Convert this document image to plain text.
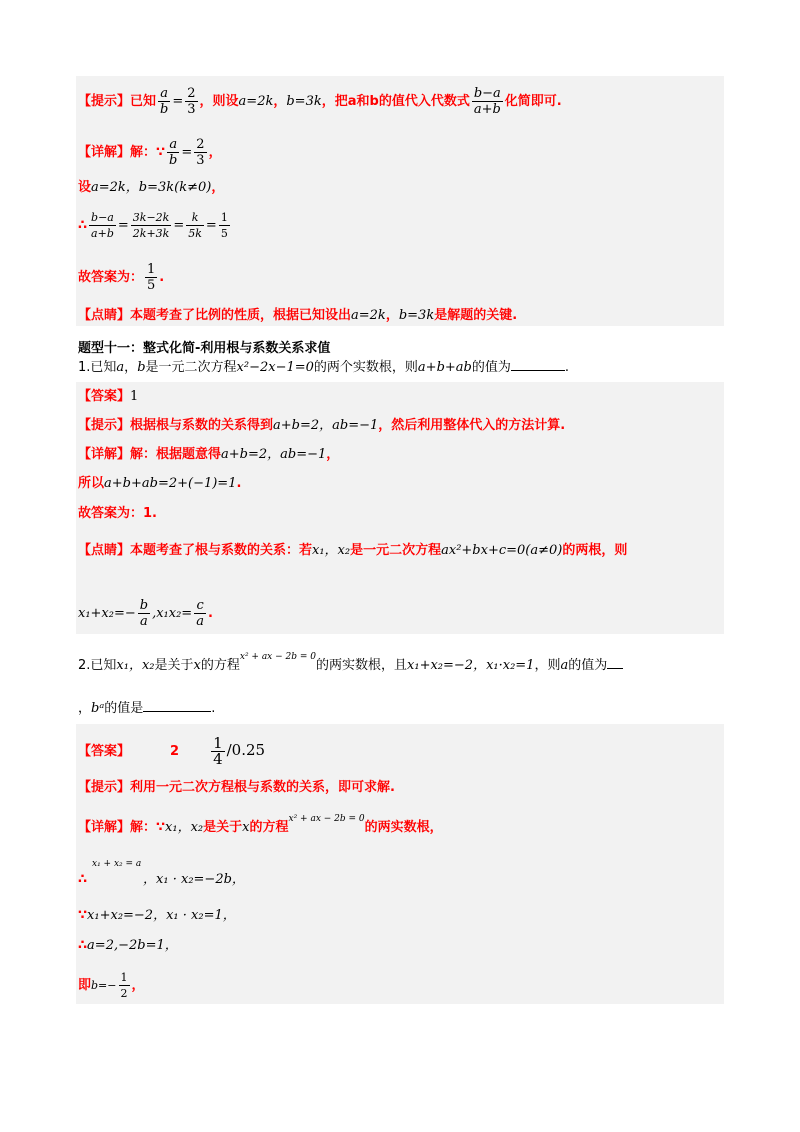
【提示】已知 $\frac{a}{b} = \frac{2}{3}$ ，则设a=2k，b=3k，把a和b的值代入代数式 $\frac{b-a}{a+b}$ 化简即可.
【详解】解：∵ $\frac{a}{b} = \frac{2}{3}$ ，
设a=2k，b=3k(k≠0)，
∴ $\frac{b-a}{a+b} = \frac{3k-2k}{2k+3k} = \frac{k}{5k} = \frac{1}{5}$
故答案为： $\frac{1}{5}$ .
【点睛】本题考查了比例的性质，根据已知设出a=2k，b=3k是解题的关键.
题型十一：整式化简-利用根与系数关系求值
1.已知a，b是一元二次方程x²−2x−1=0的两个实数根，则a+b+ab的值为	.
【答案】1
【提示】根据根与系数的关系得到a+b=2，ab=−1，然后利用整体代入的方法计算.
【详解】解：根据题意得a+b=2，ab=−1，
所以a+b+ab=2+(−1)=1.
故答案为：1.
【点睛】本题考查了根与系数的关系：若x₁，x₂是一元二次方程ax²+bx+c=0(a≠0)的两根，则
$x_1+x_2=- \frac{b}{a} ,x_1x_2= \frac{c}{a}$ .
2.已知x₁，x₂是关于x的方程$^{x^2 + ax - 2b = 0}$的两实数根，且x₁+x₂=−2，x₁·x₂=1，则a的值为
，bᵃ的值是	.
【答案】	$2 \frac{1}{4} /0.25$
【提示】利用一元二次方程根与系数的关系，即可求解.
【详解】解：∵x₁，x₂是关于x的方程$^{x^2 + ax - 2b = 0}$的两实数根，
x₁ + x₂ = a
∴	，x₁ · x₂=−2b，
∵x₁+x₂=−2，x₁ · x₂=1，
∴a=2,−2b=1，
即$b=- \frac{1}{2}$ ，
